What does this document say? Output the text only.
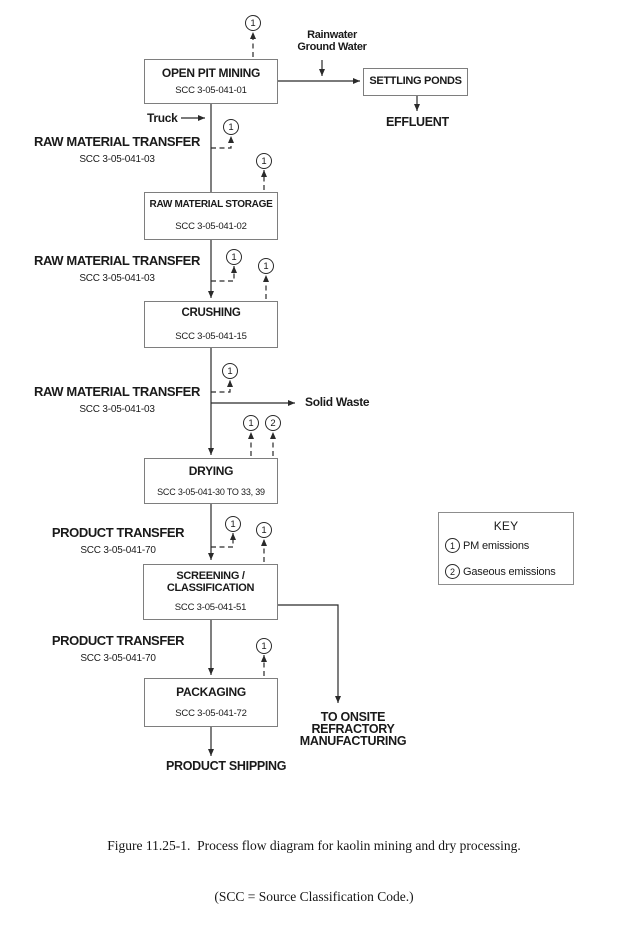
OPEN PIT MINING
SCC 3-05-041-01
SETTLING PONDS
RAW MATERIAL STORAGE
SCC 3-05-041-02
CRUSHING
SCC 3-05-041-15
DRYING
SCC 3-05-041-30 TO 33, 39
SCREENING /
CLASSIFICATION
SCC 3-05-041-51
PACKAGING
SCC 3-05-041-72
1
1
1
1
1
1
1	2
1
1
1
RAW MATERIAL TRANSFER
SCC 3-05-041-03
RAW MATERIAL TRANSFER
SCC 3-05-041-03
RAW MATERIAL TRANSFER
SCC 3-05-041-03
PRODUCT TRANSFER
SCC 3-05-041-70
PRODUCT TRANSFER
SCC 3-05-041-70
Rainwater
Ground Water
Truck	EFFLUENT
Solid Waste
PRODUCT SHIPPING
TO ONSITE
REFRACTORY
MANUFACTURING
KEY
1 PM emissions
2 Gaseous emissions

Figure 11.25-1.  Process flow diagram for kaolin mining and dry processing.

(SCC = Source Classification Code.)
